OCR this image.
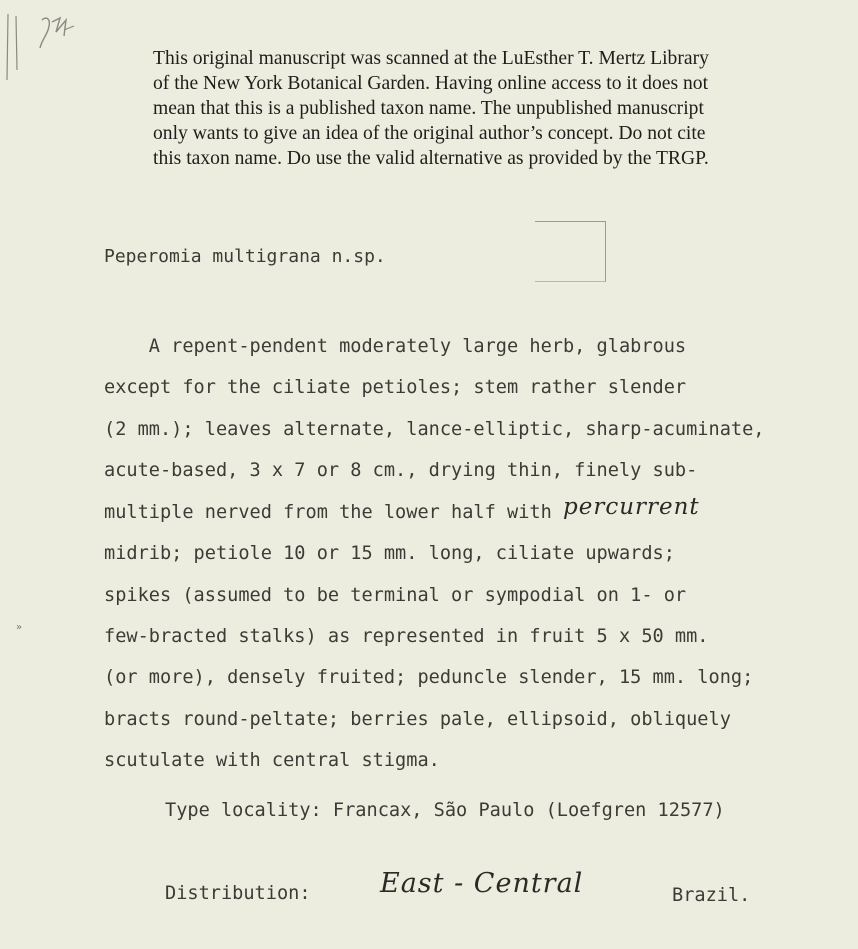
»
This original manuscript was scanned at the LuEsther T. Mertz Library
of the New York Botanical Garden. Having online access to it does not
mean that this is a published taxon name. The unpublished manuscript
only wants to give an idea of the original author’s concept. Do not cite
this taxon name. Do use the valid alternative as provided by the TRGP.
Peperomia multigrana n.sp.
A repent-pendent moderately large herb, glabrous
except for the ciliate petioles; stem rather slender
(2 mm.); leaves alternate, lance-elliptic, sharp-acuminate,
acute-based, 3 x 7 or 8 cm., drying thin, finely sub-
multiple nerved from the lower half with percurrent
midrib; petiole 10 or 15 mm. long, ciliate upwards;
spikes (assumed to be terminal or sympodial on 1- or
few-bracted stalks) as represented in fruit 5 x 50 mm.
(or more), densely fruited; peduncle slender, 15 mm. long;
bracts round-peltate; berries pale, ellipsoid, obliquely
scutulate with central stigma.
Type locality: Francax, São Paulo (Loefgren 12577)
Distribution:	East - Central	Brazil.
